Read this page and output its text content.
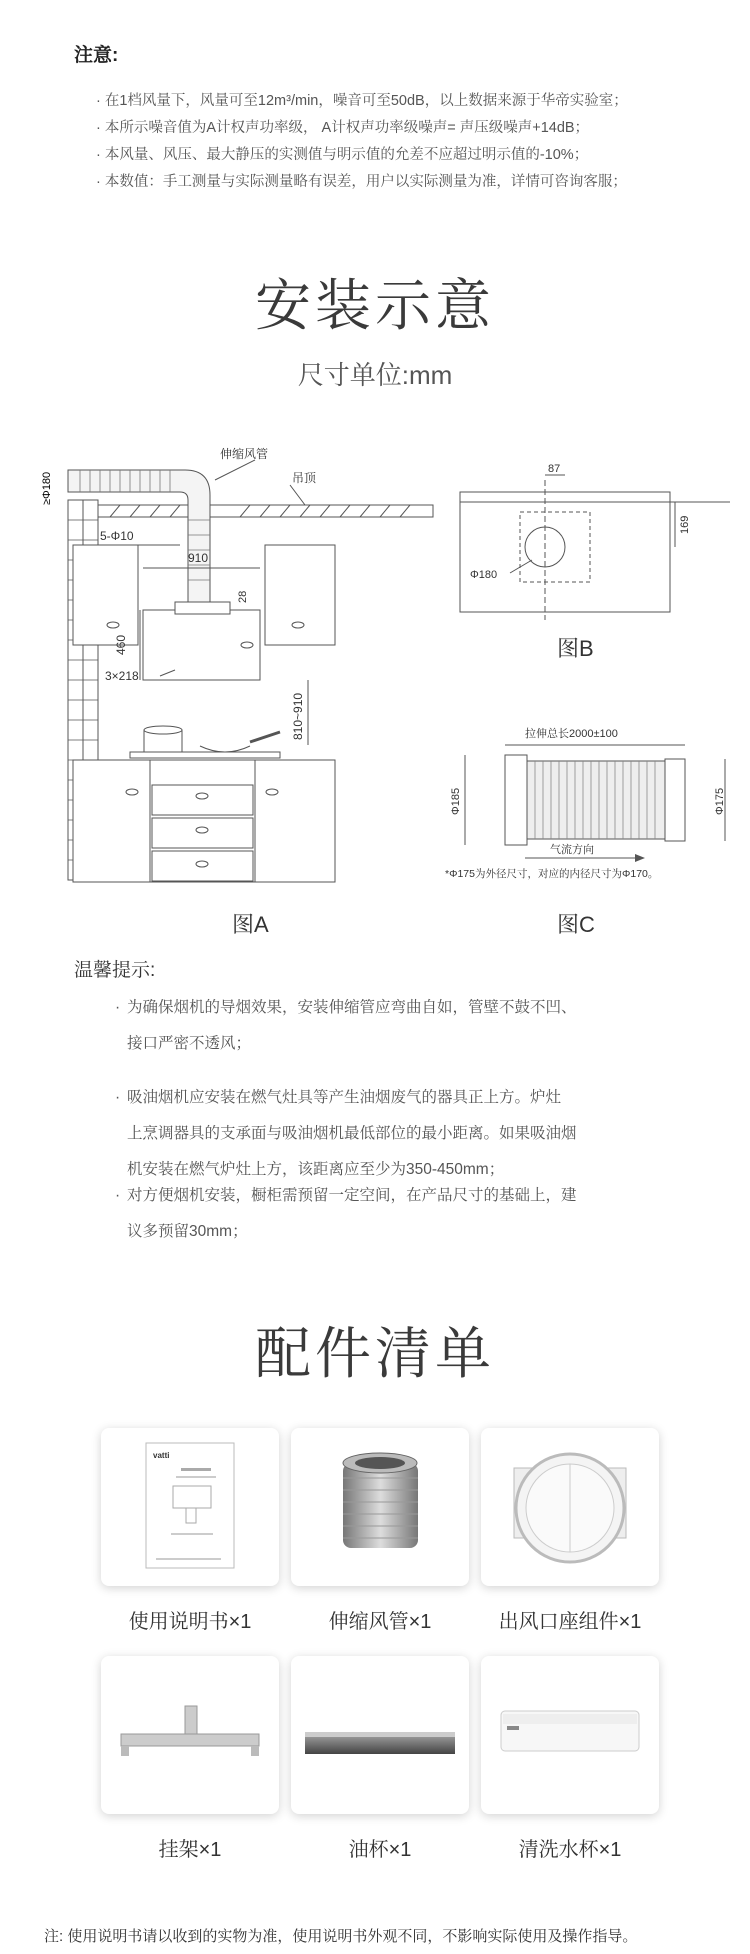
注意:
· 在1档风量下，风量可至12m³/min，噪音可至50dB，以上数据来源于华帝实验室；
· 本所示噪音值为A计权声功率级， A计权声功率级噪声= 声压级噪声+14dB；
· 本风量、风压、最大静压的实测值与明示值的允差不应超过明示值的-10%；
· 本数值：手工测量与实际测量略有误差，用户以实际测量为准，详情可咨询客服；
安装示意
尺寸单位:mm
≥Φ180
伸缩风管
吊顶
910
5-Φ10
28
460
3×218
810~910
图A
87
169
Φ180
图B
拉伸总长2000±100
Φ185	Φ175
气流方向
*Φ175为外径尺寸，对应的内径尺寸为Φ170。
图C
温馨提示:
· 为确保烟机的导烟效果，安装伸缩管应弯曲自如，管壁不鼓不凹、
接口严密不透风；
· 吸油烟机应安装在燃气灶具等产生油烟废气的器具正上方。炉灶
上烹调器具的支承面与吸油烟机最低部位的最小距离。如果吸油烟
机安装在燃气炉灶上方，该距离应至少为350-450mm；
· 对方便烟机安装，橱柜需预留一定空间，在产品尺寸的基础上，建
议多预留30mm；
配件清单
vatti
使用说明书×1	伸缩风管×1	出风口座组件×1
挂架×1	油杯×1	清洗水杯×1
注: 使用说明书请以收到的实物为准，使用说明书外观不同，不影响实际使用及操作指导。
